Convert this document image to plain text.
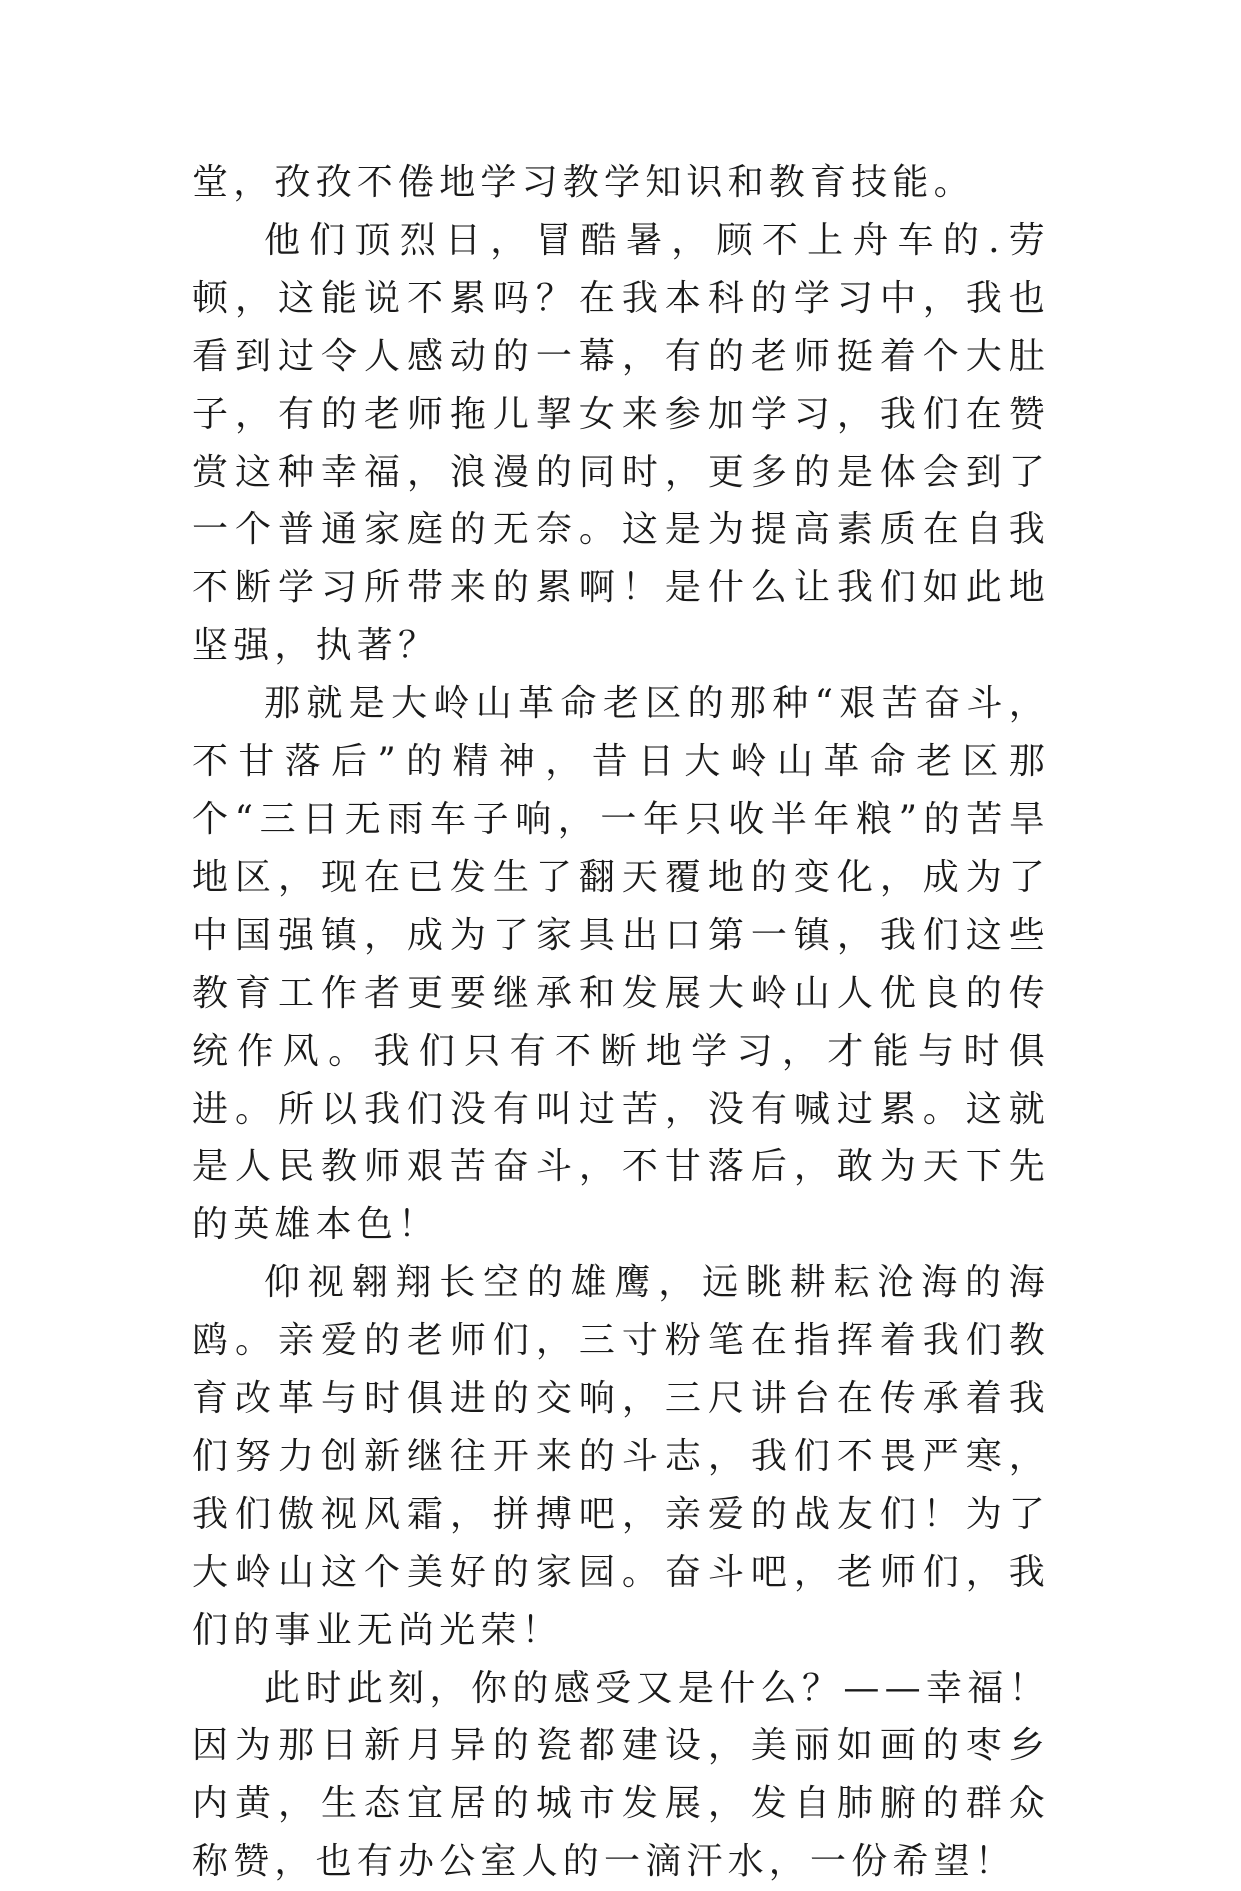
堂，孜孜不倦地学习教学知识和教育技能。

他们顶烈日，冒酷暑，顾不上舟车的.劳顿，这能说不累吗？在我本科的学习中，我也看到过令人感动的一幕，有的老师挺着个大肚子，有的老师拖儿挈女来参加学习，我们在赞赏这种幸福，浪漫的同时，更多的是体会到了一个普通家庭的无奈。这是为提高素质在自我不断学习所带来的累啊！是什么让我们如此地坚强，执著？

那就是大岭山革命老区的那种“艰苦奋斗，不甘落后”的精神，昔日大岭山革命老区那个“三日无雨车子响，一年只收半年粮”的苦旱地区，现在已发生了翻天覆地的变化，成为了中国强镇，成为了家具出口第一镇，我们这些教育工作者更要继承和发展大岭山人优良的传统作风。我们只有不断地学习，才能与时俱进。所以我们没有叫过苦，没有喊过累。这就是人民教师艰苦奋斗，不甘落后，敢为天下先的英雄本色！

仰视翱翔长空的雄鹰，远眺耕耘沧海的海鸥。亲爱的老师们，三寸粉笔在指挥着我们教育改革与时俱进的交响，三尺讲台在传承着我们努力创新继往开来的斗志，我们不畏严寒，我们傲视风霜，拼搏吧，亲爱的战友们！为了大岭山这个美好的家园。奋斗吧，老师们，我们的事业无尚光荣！

此时此刻，你的感受又是什么？——幸福！因为那日新月异的瓷都建设，美丽如画的枣乡内黄，生态宜居的城市发展，发自肺腑的群众称赞，也有办公室人的一滴汗水，一份希望！
